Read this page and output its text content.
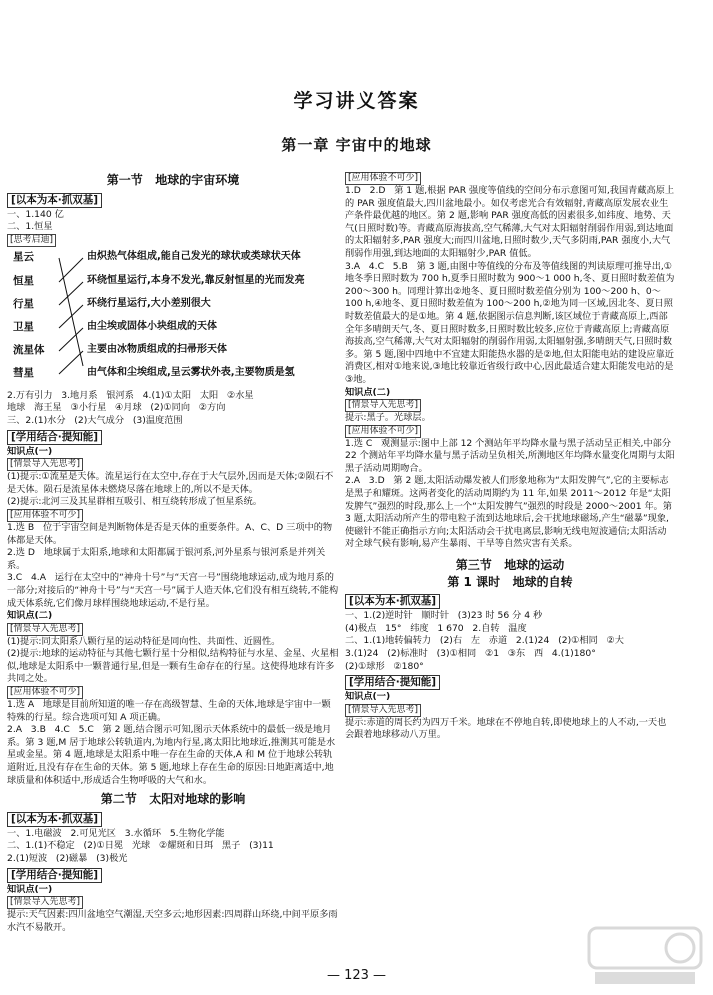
学习讲义答案
第一章 宇宙中的地球

第一节   地球的宇宙环境

[以本为本·抓双基]

一、1.140 亿

二、1.恒星

[思考启迪]

星云
恒星
行星
卫星
流星体
彗星
由炽热气体组成,能自己发光的球状或类球状天体
环绕恒星运行,本身不发光,靠反射恒星的光而发亮
环绕行星运行,大小差别很大
由尘埃或固体小块组成的天体
主要由冰物质组成的扫帚形天体
由气体和尘埃组成,呈云雾状外表,主要物质是氢

2.万有引力   3.地月系   银河系   4.(1)①太阳   太阳   ②水星

地球   海王星   ③小行星   ④月球   (2)①同向   ②方向

三、2.(1)水分   (2)大气成分   (3)温度范围

[学用结合·提知能]

知识点(一)

[情景导入先思考]

(1)提示:①流星是天体。流星运行在太空中,存在于大气层外,因而是天体;②陨石不是天体。陨石是流星体未燃烧尽落在地球上的,所以不是天体。

(2)提示:北河三及其星群相互吸引、相互绕转形成了恒星系统。

[应用体验不可少]

1.选 B   位于宇宙空间是判断物体是否是天体的重要条件。A、C、D 三项中的物体都是天体。

2.选 D   地球属于太阳系,地球和太阳都属于银河系,河外星系与银河系是并列关系。

3.C   4.A   运行在太空中的“神舟十号”与“天宫一号”围绕地球运动,成为地月系的一部分;对接后的“神舟十号”与“天宫一号”属于人造天体,它们没有相互绕转,不能构成天体系统,它们像月球样围绕地球运动,不是行星。

知识点(二)

[情景导入先思考]

(1)提示:同太阳系八颗行星的运动特征是同向性、共面性、近圆性。

(2)提示:地球的运动特征与其他七颗行星十分相似,结构特征与水星、金星、火星相似,地球是太阳系中一颗普通行星,但是一颗有生命存在的行星。这使得地球有许多共同之处。

[应用体验不可少]

1.选 A   地球是目前所知道的唯一存在高级智慧、生命的天体,地球是宇宙中一颗特殊的行星。综合选项可知 A 项正确。

2.A   3.B   4.C   5.C   第 2 题,结合图示可知,图示天体系统中的最低一级是地月系。第 3 题,M 居于地球公转轨道内,为地内行星,离太阳比地球近,推测其可能是水星或金星。第 4 题,地球是太阳系中唯一存在生命的天体,A 和 M 位于地球公转轨道附近,且没有存在生命的天体。第 5 题,地球上存在生命的原因:日地距离适中,地球质量和体积适中,形成适合生物呼吸的大气和水。

第二节   太阳对地球的影响

[以本为本·抓双基]

一、1.电磁波   2.可见光区   3.水循环   5.生物化学能

二、1.(1)不稳定   (2)①日冕   光球   ②耀斑和日珥   黑子   (3)11

2.(1)短波   (2)磁暴   (3)极光

[学用结合·提知能]

知识点(一)

[情景导入先思考]

提示:天气因素:四川盆地空气潮湿,天空多云;地形因素:四周群山环绕,中间平原多雨水汽不易散开。

[应用体验不可少]

1.D   2.D   第 1 题,根据 PAR 强度等值线的空间分布示意图可知,我国青藏高原上的 PAR 强度值最大,四川盆地最小。如仅考虑光合有效辐射,青藏高原发展农业生产条件最优越的地区。第 2 题,影响 PAR 强度高低的因素很多,如纬度、地势、天气(日照时数)等。青藏高原海拔高,空气稀薄,大气对太阳辐射削弱作用弱,到达地面的太阳辐射多,PAR 强度大;而四川盆地,日照时数少,天气多阴雨,PAR 强度小,大气削弱作用强,到达地面的太阳辐射少,PAR 值低。

3.A   4.C   5.B   第 3 题,由图中等值线的分布及等值线图的判读原理可推导出,①地冬季日照时数为 700 h,夏季日照时数为 900～1 000 h,冬、夏日照时数差值为 200～300 h。同理计算出②地冬、夏日照时数差值分别为 100～200 h、0～100 h,④地冬、夏日照时数差值为 100～200 h,②地为同一区域,因北冬、夏日照时数差值最大的是①地。第 4 题,依据图示信息判断,该区域位于青藏高原上,西部全年多晴朗天气,冬、夏日照时数多,日照时数比较多,应位于青藏高原上;青藏高原海拔高,空气稀薄,大气对太阳辐射的削弱作用弱,太阳辐射强,多晴朗天气,日照时数多。第 5 题,图中四地中不宜建太阳能热水器的是②地,但太阳能电站的建设应靠近消费区,相对①地来说,③地比较靠近省级行政中心,因此最适合建太阳能发电站的是③地。

知识点(二)

[情景导入先思考]

提示:黑子。光球层。

[应用体验不可少]

1.选 C   观测显示:图中上部 12 个测站年平均降水量与黑子活动呈正相关,中部分 22 个测站年平均降水量与黑子活动呈负相关,所测地区年均降水量变化周期与太阳黑子活动周期吻合。

2.A   3.D   第 2 题,太阳活动爆发被人们形象地称为“太阳发脾气”,它的主要标志是黑子和耀斑。这两者变化的活动周期约为 11 年,如果 2011～2012 年是“太阳发脾气”强烈的时段,那么上一个“太阳发脾气”强烈的时段是 2000～2001 年。第 3 题,太阳活动所产生的带电粒子流到达地球后,会干扰地球磁场,产生“磁暴”现象,使磁针不能正确指示方向;太阳活动会干扰电离层,影响无线电短波通信;太阳活动对全球气候有影响,易产生暴雨、干旱等自然灾害有关系。

第三节   地球的运动

第 1 课时   地球的自转

[以本为本·抓双基]

一、1.(2)逆时针   顺时针   (3)23 时 56 分 4 秒

(4)极点   15°   纬度   1 670   2.自转   温度

二、1.(1)地转偏转力   (2)右   左   赤道   2.(1)24   (2)①相同   ②大

3.(1)24   (2)标准时   (3)①相同   ②1   ③东   西   4.(1)180°

(2)①球形   ②180°

[学用结合·提知能]

知识点(一)

[情景导入先思考]

提示:赤道的周长约为四万千米。地球在不停地自转,即使地球上的人不动,一天也会跟着地球移动八万里。

— 123 —
